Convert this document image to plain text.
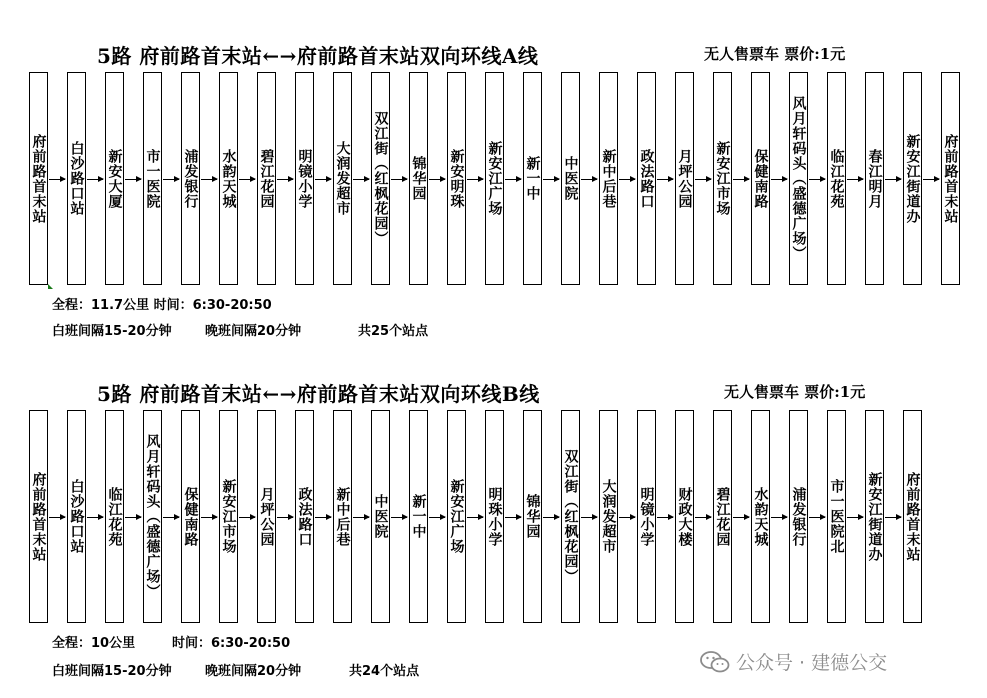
5路 府前路首末站←→府前路首末站双向环线A线	无人售票车 票价:1元
府前路首末站 白沙路口站 新安大厦 市一医院 浦发银行 水韵天城 碧江花园 明镜小学 大润发超市 双江街（红枫花园） 锦华园 新安明珠 新安江广场 新一中 中医院 新中后巷 政法路口 月坪公园 新安江市场 保健南路 风月轩码头（盛德广场） 临江花苑 春江明月 新安江街道办 府前路首末站
全程：11.7公里 时间：6:30-20:50
白班间隔15-20分钟	晚班间隔20分钟	共25个站点
5路 府前路首末站←→府前路首末站双向环线B线	无人售票车 票价:1元
府前路首末站 白沙路口站 临江花苑 风月轩码头（盛德广场） 保健南路 新安江市场 月坪公园 政法路口 新中后巷 中医院 新一中 新安江广场 明珠小学 锦华园 双江街（红枫花园） 大润发超市 明镜小学 财政大楼 碧江花园 水韵天城 浦发银行 市一医院北 新安江街道办 府前路首末站
全程：10公里	时间：6:30-20:50
白班间隔15-20分钟	晚班间隔20分钟	共24个站点	公众号 · 建德公交
